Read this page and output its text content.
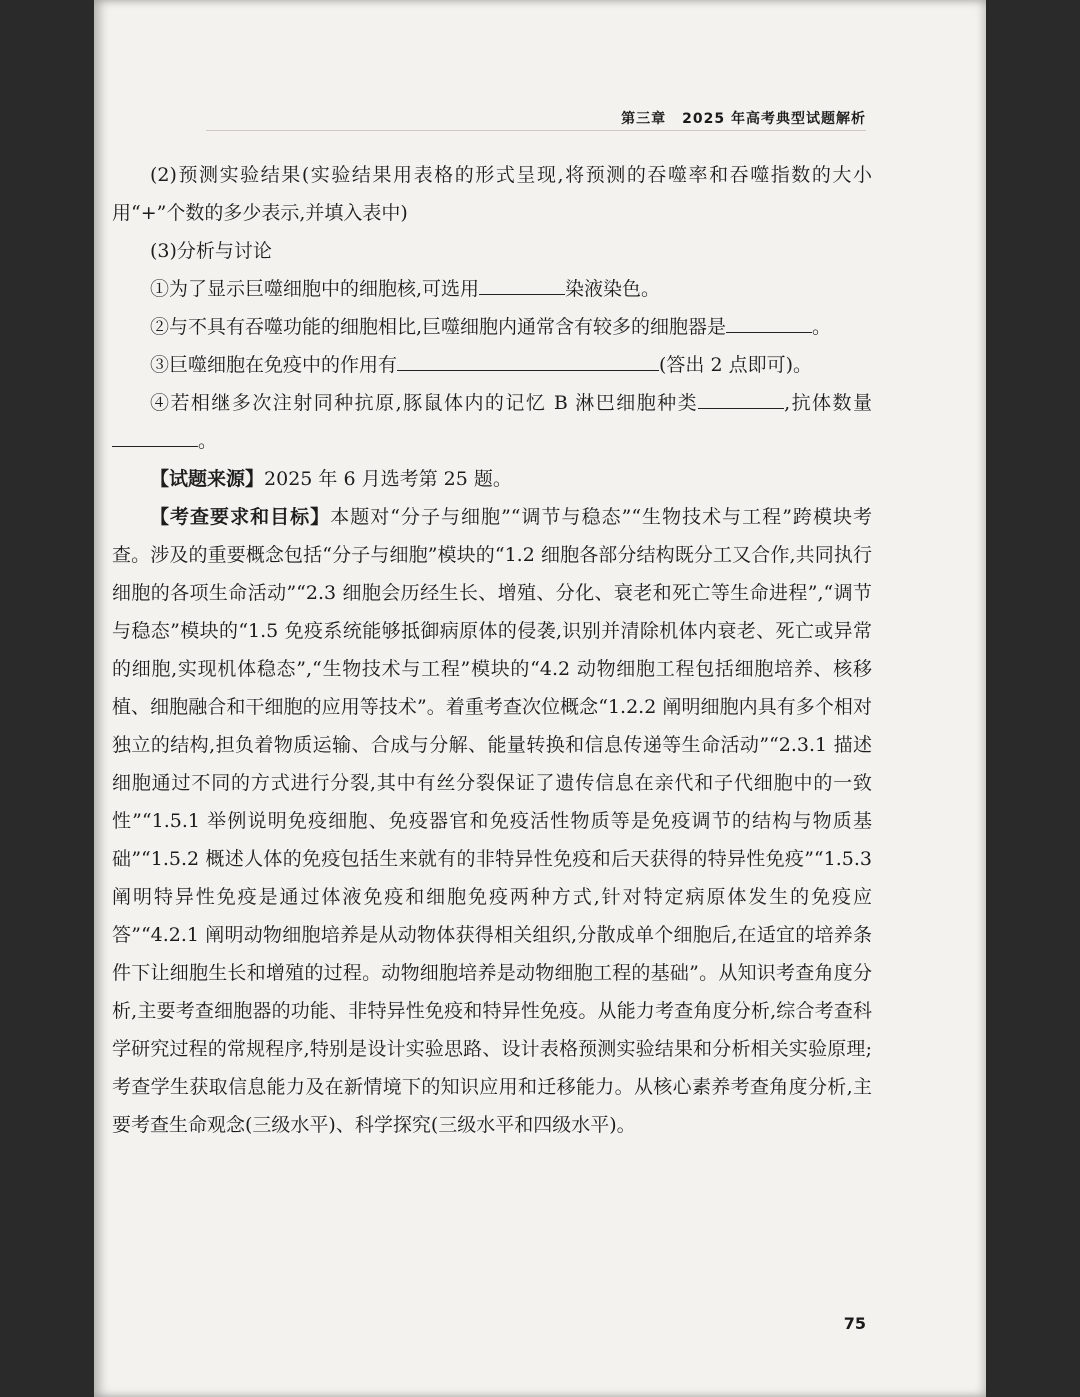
第三章 2025 年高考典型试题解析

(2)预测实验结果(实验结果用表格的形式呈现,将预测的吞噬率和吞噬指数的大小用“+”个数的多少表示,并填入表中)

(3)分析与讨论

①为了显示巨噬细胞中的细胞核,可选用	染液染色。

②与不具有吞噬功能的细胞相比,巨噬细胞内通常含有较多的细胞器是	。

③巨噬细胞在免疫中的作用有	(答出 2 点即可)。

④若相继多次注射同种抗原,豚鼠体内的记忆 B 淋巴细胞种类	,抗体数量。

【试题来源】2025 年 6 月选考第 25 题。

【考查要求和目标】本题对“分子与细胞”“调节与稳态”“生物技术与工程”跨模块考查。涉及的重要概念包括“分子与细胞”模块的“1.2 细胞各部分结构既分工又合作,共同执行细胞的各项生命活动”“2.3 细胞会历经生长、增殖、分化、衰老和死亡等生命进程”,“调节与稳态”模块的“1.5 免疫系统能够抵御病原体的侵袭,识别并清除机体内衰老、死亡或异常的细胞,实现机体稳态”,“生物技术与工程”模块的“4.2 动物细胞工程包括细胞培养、核移植、细胞融合和干细胞的应用等技术”。着重考查次位概念“1.2.2 阐明细胞内具有多个相对独立的结构,担负着物质运输、合成与分解、能量转换和信息传递等生命活动”“2.3.1 描述细胞通过不同的方式进行分裂,其中有丝分裂保证了遗传信息在亲代和子代细胞中的一致性”“1.5.1 举例说明免疫细胞、免疫器官和免疫活性物质等是免疫调节的结构与物质基础”“1.5.2 概述人体的免疫包括生来就有的非特异性免疫和后天获得的特异性免疫”“1.5.3 阐明特异性免疫是通过体液免疫和细胞免疫两种方式,针对特定病原体发生的免疫应答”“4.2.1 阐明动物细胞培养是从动物体获得相关组织,分散成单个细胞后,在适宜的培养条件下让细胞生长和增殖的过程。动物细胞培养是动物细胞工程的基础”。从知识考查角度分析,主要考查细胞器的功能、非特异性免疫和特异性免疫。从能力考查角度分析,综合考查科学研究过程的常规程序,特别是设计实验思路、设计表格预测实验结果和分析相关实验原理;考查学生获取信息能力及在新情境下的知识应用和迁移能力。从核心素养考查角度分析,主要考查生命观念(三级水平)、科学探究(三级水平和四级水平)。

75
